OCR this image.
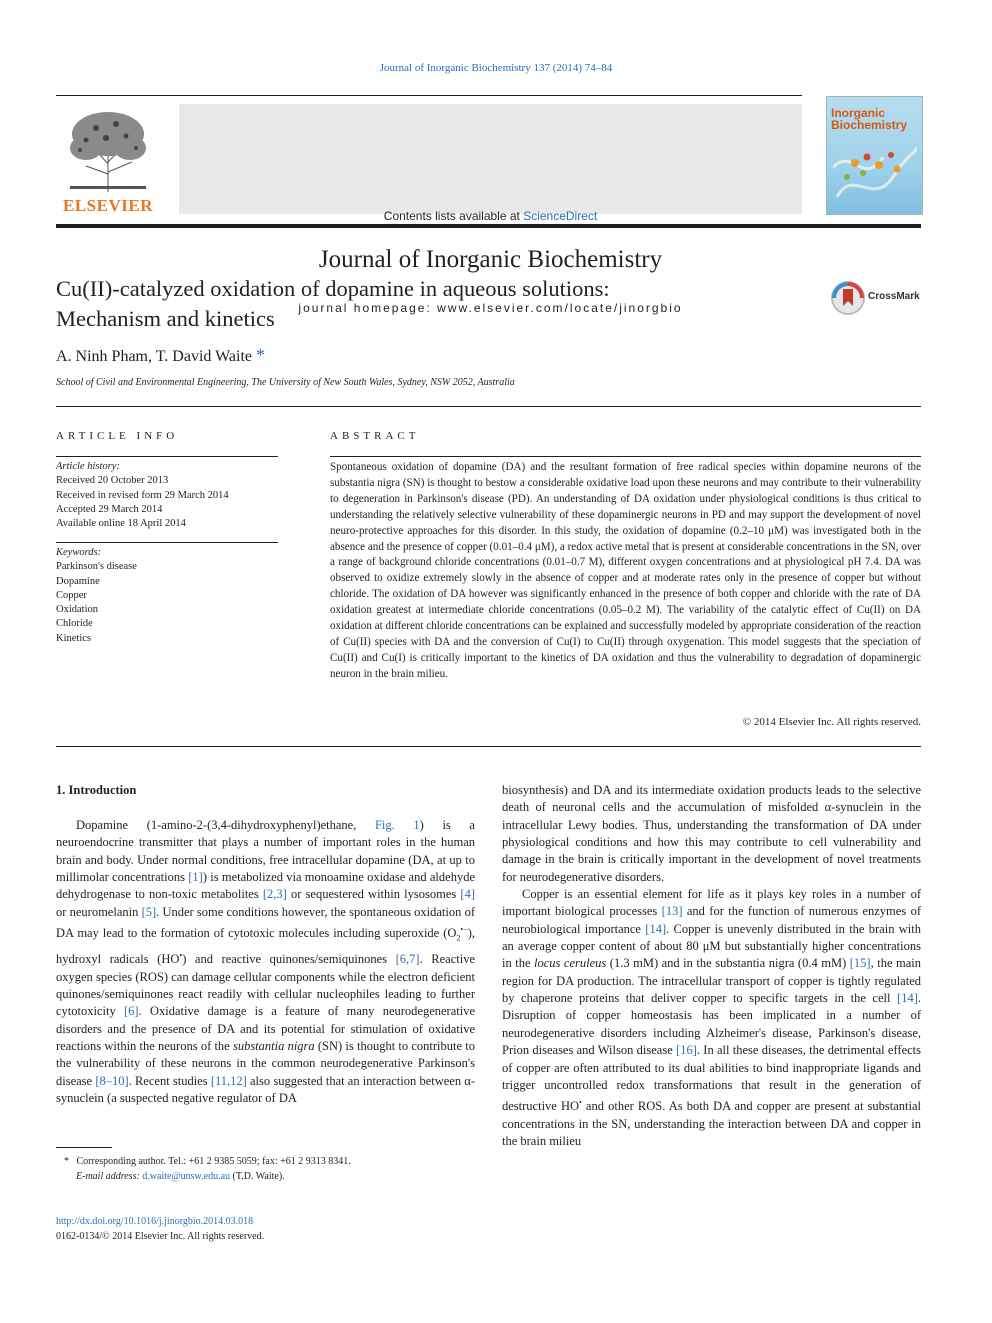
Journal of Inorganic Biochemistry 137 (2014) 74–84
ELSEVIER
Contents lists available at ScienceDirect
Journal of Inorganic Biochemistry
journal homepage: www.elsevier.com/locate/jinorgbio
Inorganic
Biochemistry
Cu(II)-catalyzed oxidation of dopamine in aqueous solutions:
Mechanism and kinetics
CrossMark
A. Ninh Pham, T. David Waite *
School of Civil and Environmental Engineering, The University of New South Wales, Sydney, NSW 2052, Australia
ARTICLE INFO
Article history:
Received 20 October 2013
Received in revised form 29 March 2014
Accepted 29 March 2014
Available online 18 April 2014
Keywords:
Parkinson's disease
Dopamine
Copper
Oxidation
Chloride
Kinetics
ABSTRACT
Spontaneous oxidation of dopamine (DA) and the resultant formation of free radical species within dopamine neurons of the substantia nigra (SN) is thought to bestow a considerable oxidative load upon these neurons and may contribute to their vulnerability to degeneration in Parkinson's disease (PD). An understanding of DA oxidation under physiological conditions is thus critical to understanding the relatively selective vulnerability of these dopaminergic neurons in PD and may support the development of novel neuro-protective approaches for this disorder. In this study, the oxidation of dopamine (0.2–10 μM) was investigated both in the absence and the presence of copper (0.01–0.4 μM), a redox active metal that is present at considerable concentrations in the SN, over a range of background chloride concentrations (0.01–0.7 M), different oxygen concentrations and at physiological pH 7.4. DA was observed to oxidize extremely slowly in the absence of copper and at moderate rates only in the presence of copper but without chloride. The oxidation of DA however was significantly enhanced in the presence of both copper and chloride with the rate of DA oxidation greatest at intermediate chloride concentrations (0.05–0.2 M). The variability of the catalytic effect of Cu(II) on DA oxidation at different chloride concentrations can be explained and successfully modeled by appropriate consideration of the reaction of Cu(II) species with DA and the conversion of Cu(I) to Cu(II) through oxygenation. This model suggests that the speciation of Cu(II) and Cu(I) is critically important to the kinetics of DA oxidation and thus the vulnerability to degradation of dopaminergic neuron in the brain milieu.
© 2014 Elsevier Inc. All rights reserved.
1. Introduction

Dopamine (1-amino-2-(3,4-dihydroxyphenyl)ethane, Fig. 1) is a neuroendocrine transmitter that plays a number of important roles in the human brain and body. Under normal conditions, free intracellular dopamine (DA, at up to millimolar concentrations [1]) is metabolized via monoamine oxidase and aldehyde dehydrogenase to non-toxic metabolites [2,3] or sequestered within lysosomes [4] or neuromelanin [5]. Under some conditions however, the spontaneous oxidation of DA may lead to the formation of cytotoxic molecules including superoxide $(O_2^{•-})$, hydroxyl radicals (HO•) and reactive quinones/semiquinones [6,7]. Reactive oxygen species (ROS) can damage cellular components while the electron deficient quinones/semiquinones react readily with cellular nucleophiles leading to further cytotoxicity [6]. Oxidative damage is a feature of many neurodegenerative disorders and the presence of DA and its potential for stimulation of oxidative reactions within the neurons of the substantia nigra (SN) is thought to contribute to the vulnerability of these neurons in the common neurodegenerative Parkinson's disease [8–10]. Recent studies [11,12] also suggested that an interaction between α-synuclein (a suspected negative regulator of DA

biosynthesis) and DA and its intermediate oxidation products leads to the selective death of neuronal cells and the accumulation of misfolded α-synuclein in the intracellular Lewy bodies. Thus, understanding the transformation of DA under physiological conditions and how this may contribute to cell vulnerability and damage in the brain is critically important in the development of novel treatments for neurodegenerative disorders.

Copper is an essential element for life as it plays key roles in a number of important biological processes [13] and for the function of numerous enzymes of neurobiological importance [14]. Copper is unevenly distributed in the brain with an average copper content of about 80 μM but substantially higher concentrations in the locus ceruleus (1.3 mM) and in the substantia nigra (0.4 mM) [15], the main region for DA production. The intracellular transport of copper is tightly regulated by chaperone proteins that deliver copper to specific targets in the cell [14]. Disruption of copper homeostasis has been implicated in a number of neurodegenerative disorders including Alzheimer's disease, Parkinson's disease, Prion diseases and Wilson disease [16]. In all these diseases, the detrimental effects of copper are often attributed to its dual abilities to bind inappropriate ligands and trigger uncontrolled redox transformations that result in the generation of destructive HO• and other ROS. As both DA and copper are present at substantial concentrations in the SN, understanding the interaction between DA and copper in the brain milieu

* Corresponding author. Tel.: +61 2 9385 5059; fax: +61 2 9313 8341.
E-mail address: d.waite@unsw.edu.au (T.D. Waite).
http://dx.doi.org/10.1016/j.jinorgbio.2014.03.018
0162-0134/© 2014 Elsevier Inc. All rights reserved.
